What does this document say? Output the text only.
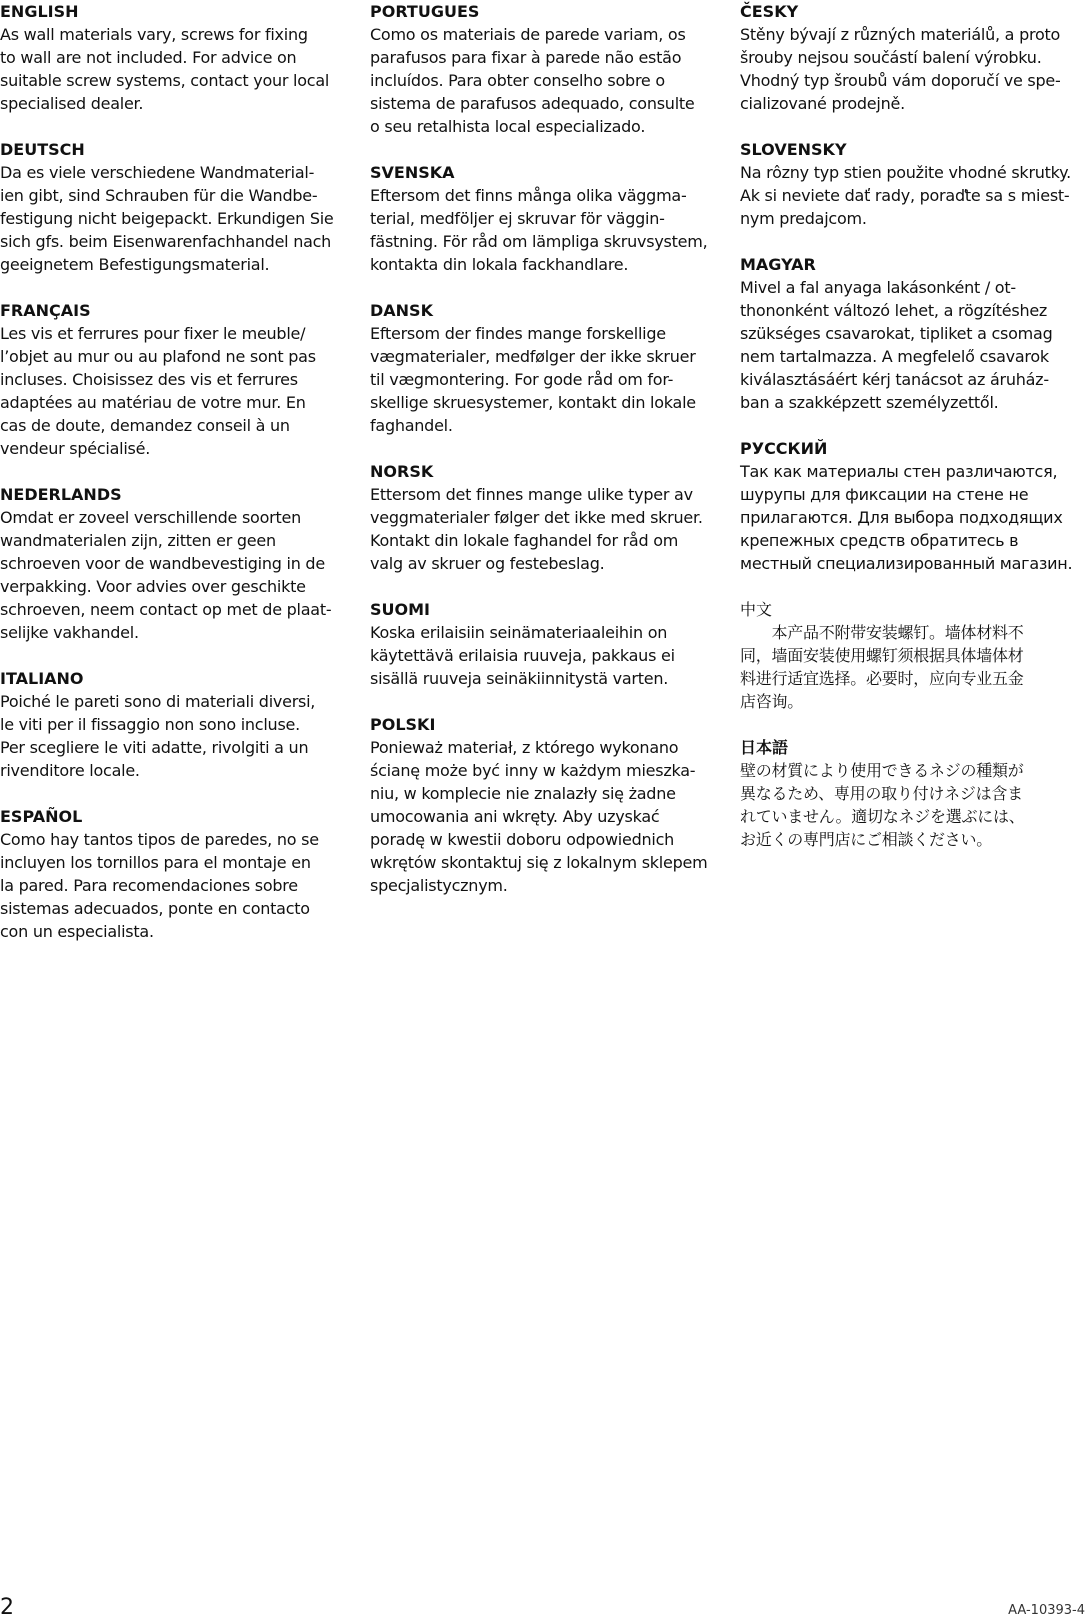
ENGLISH

As wall materials vary, screws for fixing
to wall are not included. For advice on
suitable screw systems, contact your local
specialised dealer.

DEUTSCH

Da es viele verschiedene Wandmaterial-
ien gibt, sind Schrauben für die Wandbe-
festigung nicht beigepackt. Erkundigen Sie
sich gfs. beim Eisenwarenfachhandel nach
geeignetem Befestigungsmaterial.

FRANÇAIS

Les vis et ferrures pour fixer le meuble/
l’objet au mur ou au plafond ne sont pas
incluses. Choisissez des vis et ferrures
adaptées au matériau de votre mur. En
cas de doute, demandez conseil à un
vendeur spécialisé.

NEDERLANDS

Omdat er zoveel verschillende soorten
wandmaterialen zijn, zitten er geen
schroeven voor de wandbevestiging in de
verpakking. Voor advies over geschikte
schroeven, neem contact op met de plaat-
selijke vakhandel.

ITALIANO

Poiché le pareti sono di materiali diversi,
le viti per il fissaggio non sono incluse.
Per scegliere le viti adatte, rivolgiti a un
rivenditore locale.

ESPAÑOL

Como hay tantos tipos de paredes, no se
incluyen los tornillos para el montaje en
la pared. Para recomendaciones sobre
sistemas adecuados, ponte en contacto
con un especialista.

PORTUGUES

Como os materiais de parede variam, os
parafusos para fixar à parede não estão
incluídos. Para obter conselho sobre o
sistema de parafusos adequado, consulte
o seu retalhista local especializado.

SVENSKA

Eftersom det finns många olika väggma-
terial, medföljer ej skruvar för väggin-
fästning. För råd om lämpliga skruvsystem,
kontakta din lokala fackhandlare.

DANSK

Eftersom der findes mange forskellige
vægmaterialer, medfølger der ikke skruer
til vægmontering. For gode råd om for-
skellige skruesystemer, kontakt din lokale
faghandel.

NORSK

Ettersom det finnes mange ulike typer av
veggmaterialer følger det ikke med skruer.
Kontakt din lokale faghandel for råd om
valg av skruer og festebeslag.

SUOMI

Koska erilaisiin seinämateriaaleihin on
käytettävä erilaisia ruuveja, pakkaus ei
sisällä ruuveja seinäkiinnitystä varten.

POLSKI

Ponieważ materiał, z którego wykonano
ścianę może być inny w każdym mieszka-
niu, w komplecie nie znalazły się żadne
umocowania ani wkręty. Aby uzyskać
poradę w kwestii doboru odpowiednich
wkrętów skontaktuj się z lokalnym sklepem
specjalistycznym.

ČESKY

Stěny bývají z různých materiálů, a proto
šrouby nejsou součástí balení výrobku.
Vhodný typ šroubů vám doporučí ve spe-
cializované prodejně.

SLOVENSKY

Na rôzny typ stien použite vhodné skrutky.
Ak si neviete dať rady, poraďte sa s miest-
nym predajcom.

MAGYAR

Mivel a fal anyaga lakásonként / ot-
thononként változó lehet, a rögzítéshez
szükséges csavarokat, tipliket a csomag
nem tartalmazza. A megfelelő csavarok
kiválasztásáért kérj tanácsot az áruház-
ban a szakképzett személyzettől.

РУССКИЙ

Так как материалы стен различаются,
шурупы для фиксации на стене не
прилагаются. Для выбора подходящих
крепежных средств обратитесь в
местный специализированный магазин.

中文

　　本产品不附带安装螺钉。墙体材料不
同，墙面安装使用螺钉须根据具体墙体材
料进行适宜选择。必要时，应向专业五金
店咨询。

日本語

壁の材質により使用できるネジの種類が
異なるため、専用の取り付けネジは含ま
れていません。適切なネジを選ぶには、
お近くの専門店にご相談ください。

2	AA-10393-4
